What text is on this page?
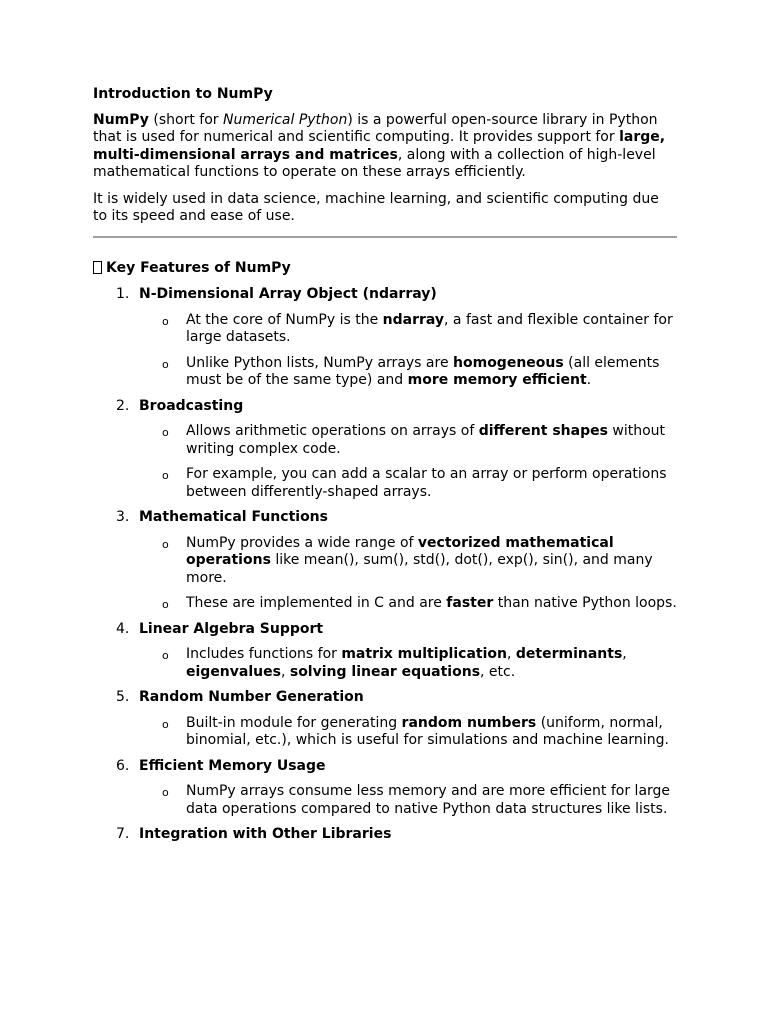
Introduction to NumPy

NumPy (short for Numerical Python) is a powerful open-source library in Python that is used for numerical and scientific computing. It provides support for large, multi-dimensional arrays and matrices, along with a collection of high-level mathematical functions to operate on these arrays efficiently.

It is widely used in data science, machine learning, and scientific computing due to its speed and ease of use.

Key Features of NumPy
1. N-Dimensional Array Object (ndarray)
o At the core of NumPy is the ndarray, a fast and flexible container for large datasets.
o Unlike Python lists, NumPy arrays are homogeneous (all elements must be of the same type) and more memory efficient.
2. Broadcasting
o Allows arithmetic operations on arrays of different shapes without writing complex code.
o For example, you can add a scalar to an array or perform operations between differently-shaped arrays.
3. Mathematical Functions
o NumPy provides a wide range of vectorized mathematical operations like mean(), sum(), std(), dot(), exp(), sin(), and many more.
o These are implemented in C and are faster than native Python loops.
4. Linear Algebra Support
o Includes functions for matrix multiplication, determinants, eigenvalues, solving linear equations, etc.
5. Random Number Generation
o Built-in module for generating random numbers (uniform, normal, binomial, etc.), which is useful for simulations and machine learning.
6. Efficient Memory Usage
o NumPy arrays consume less memory and are more efficient for large data operations compared to native Python data structures like lists.
7. Integration with Other Libraries
